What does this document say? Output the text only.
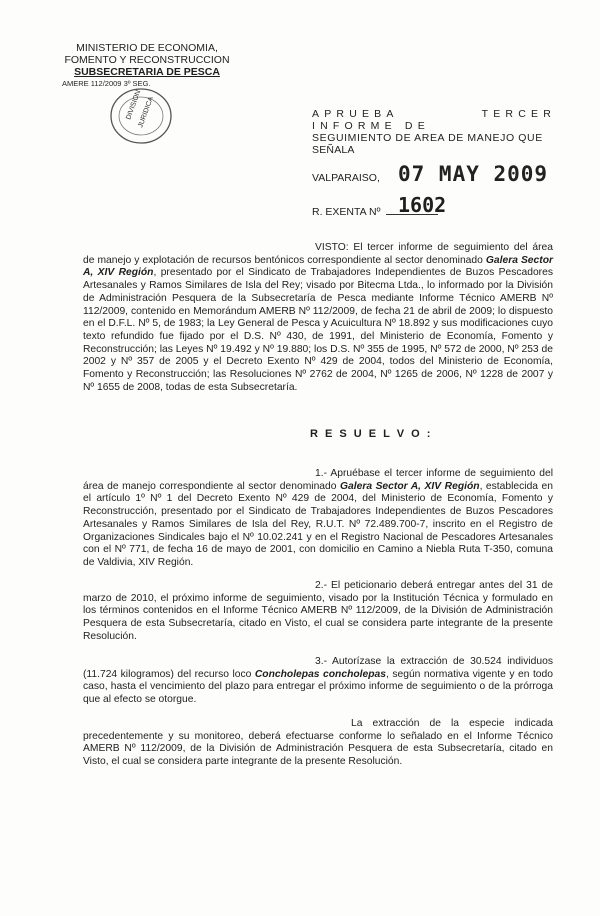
MINISTERIO DE ECONOMIA,
FOMENTO Y RECONSTRUCCION
SUBSECRETARIA DE PESCA
AMERE 112/2009 3º SEG.
DIVISION
JURIDICA	APRUEBA TERCER INFORME DE
SEGUIMIENTO DE AREA DE MANEJO QUE
SEÑALA
VALPARAISO, 07 MAY 2009
R. EXENTA Nº 1602

VISTO: El tercer informe de seguimiento del área de manejo y explotación de recursos bentónicos correspondiente al sector denominado Galera Sector A, XIV Región, presentado por el Sindicato de Trabajadores Independientes de Buzos Pescadores Artesanales y Ramos Similares de Isla del Rey; visado por Bitecma Ltda., lo informado por la División de Administración Pesquera de la Subsecretaría de Pesca mediante Informe Técnico AMERB Nº 112/2009, contenido en Memorándum AMERB Nº 112/2009, de fecha 21 de abril de 2009; lo dispuesto en el D.F.L. Nº 5, de 1983; la Ley General de Pesca y Acuicultura Nº 18.892 y sus modificaciones cuyo texto refundido fue fijado por el D.S. Nº 430, de 1991, del Ministerio de Economía, Fomento y Reconstrucción; las Leyes Nº 19.492 y Nº 19.880; los D.S. Nº 355 de 1995, Nº 572 de 2000, Nº 253 de 2002 y Nº 357 de 2005 y el Decreto Exento Nº 429 de 2004, todos del Ministerio de Economía, Fomento y Reconstrucción; las Resoluciones Nº 2762 de 2004, Nº 1265 de 2006, Nº 1228 de 2007 y Nº 1655 de 2008, todas de esta Subsecretaría.

R E S U E L V O :

1.- Apruébase el tercer informe de seguimiento del área de manejo correspondiente al sector denominado Galera Sector A, XIV Región, establecida en el artículo 1º Nº 1 del Decreto Exento Nº 429 de 2004, del Ministerio de Economía, Fomento y Reconstrucción, presentado por el Sindicato de Trabajadores Independientes de Buzos Pescadores Artesanales y Ramos Similares de Isla del Rey, R.U.T. Nº 72.489.700-7, inscrito en el Registro de Organizaciones Sindicales bajo el Nº 10.02.241 y en el Registro Nacional de Pescadores Artesanales con el Nº 771, de fecha 16 de mayo de 2001, con domicilio en Camino a Niebla Ruta T-350, comuna de Valdivia, XIV Región.

2.- El peticionario deberá entregar antes del 31 de marzo de 2010, el próximo informe de seguimiento, visado por la Institución Técnica y formulado en los términos contenidos en el Informe Técnico AMERB Nº 112/2009, de la División de Administración Pesquera de esta Subsecretaría, citado en Visto, el cual se considera parte integrante de la presente Resolución.

3.- Autorízase la extracción de 30.524 individuos (11.724 kilogramos) del recurso loco Concholepas concholepas, según normativa vigente y en todo caso, hasta el vencimiento del plazo para entregar el próximo informe de seguimiento o de la prórroga que al efecto se otorgue.

La extracción de la especie indicada precedentemente y su monitoreo, deberá efectuarse conforme lo señalado en el Informe Técnico AMERB Nº 112/2009, de la División de Administración Pesquera de esta Subsecretaría, citado en Visto, el cual se considera parte integrante de la presente Resolución.
